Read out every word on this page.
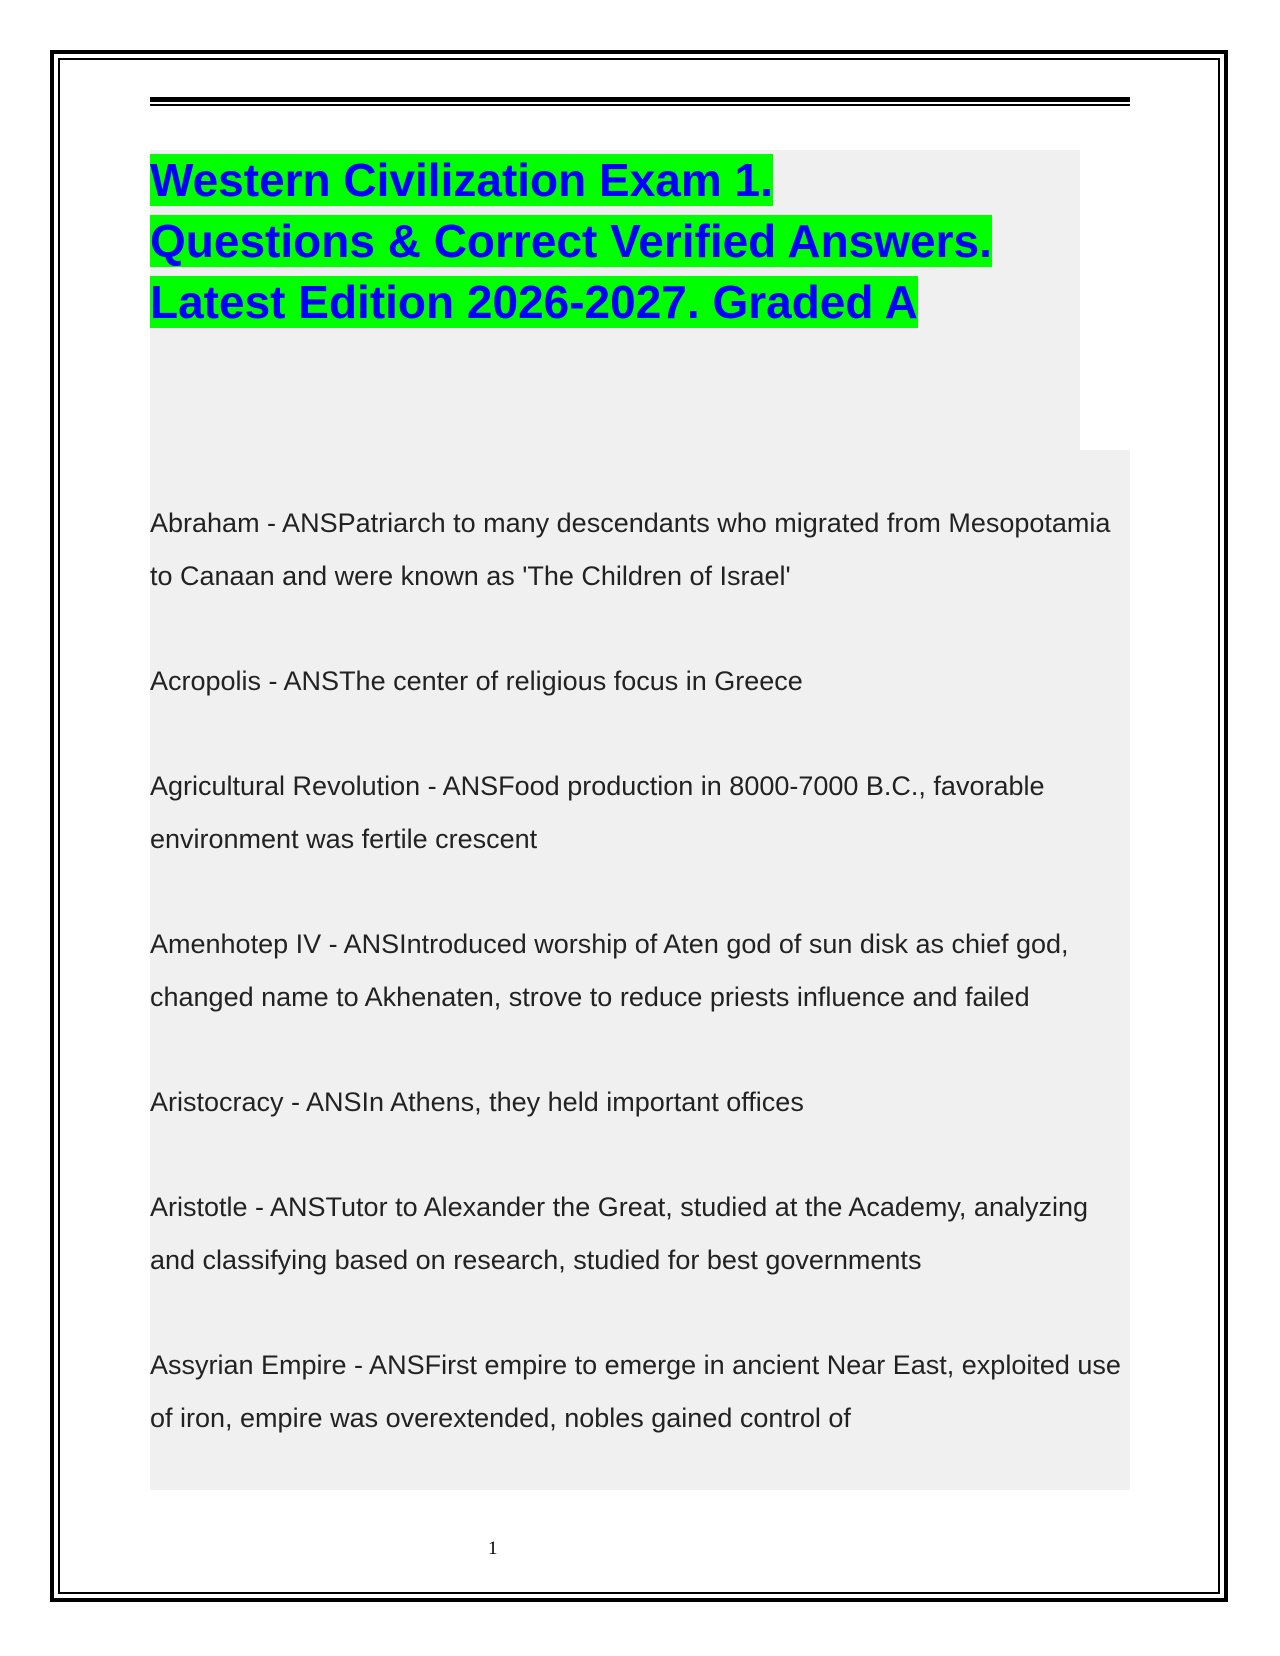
Western Civilization Exam 1.
Questions & Correct Verified Answers.
Latest Edition 2026-2027. Graded A
Abraham - ANSPatriarch to many descendants who migrated from Mesopotamia to Canaan and were known as 'The Children of Israel'
Acropolis - ANSThe center of religious focus in Greece
Agricultural Revolution - ANSFood production in 8000-7000 B.C., favorable environment was fertile crescent
Amenhotep IV - ANSIntroduced worship of Aten god of sun disk as chief god, changed name to Akhenaten, strove to reduce priests influence and failed
Aristocracy - ANSIn Athens, they held important offices
Aristotle - ANSTutor to Alexander the Great, studied at the Academy, analyzing and classifying based on research, studied for best governments
Assyrian Empire - ANSFirst empire to emerge in ancient Near East, exploited use of iron, empire was overextended, nobles gained control of
1
